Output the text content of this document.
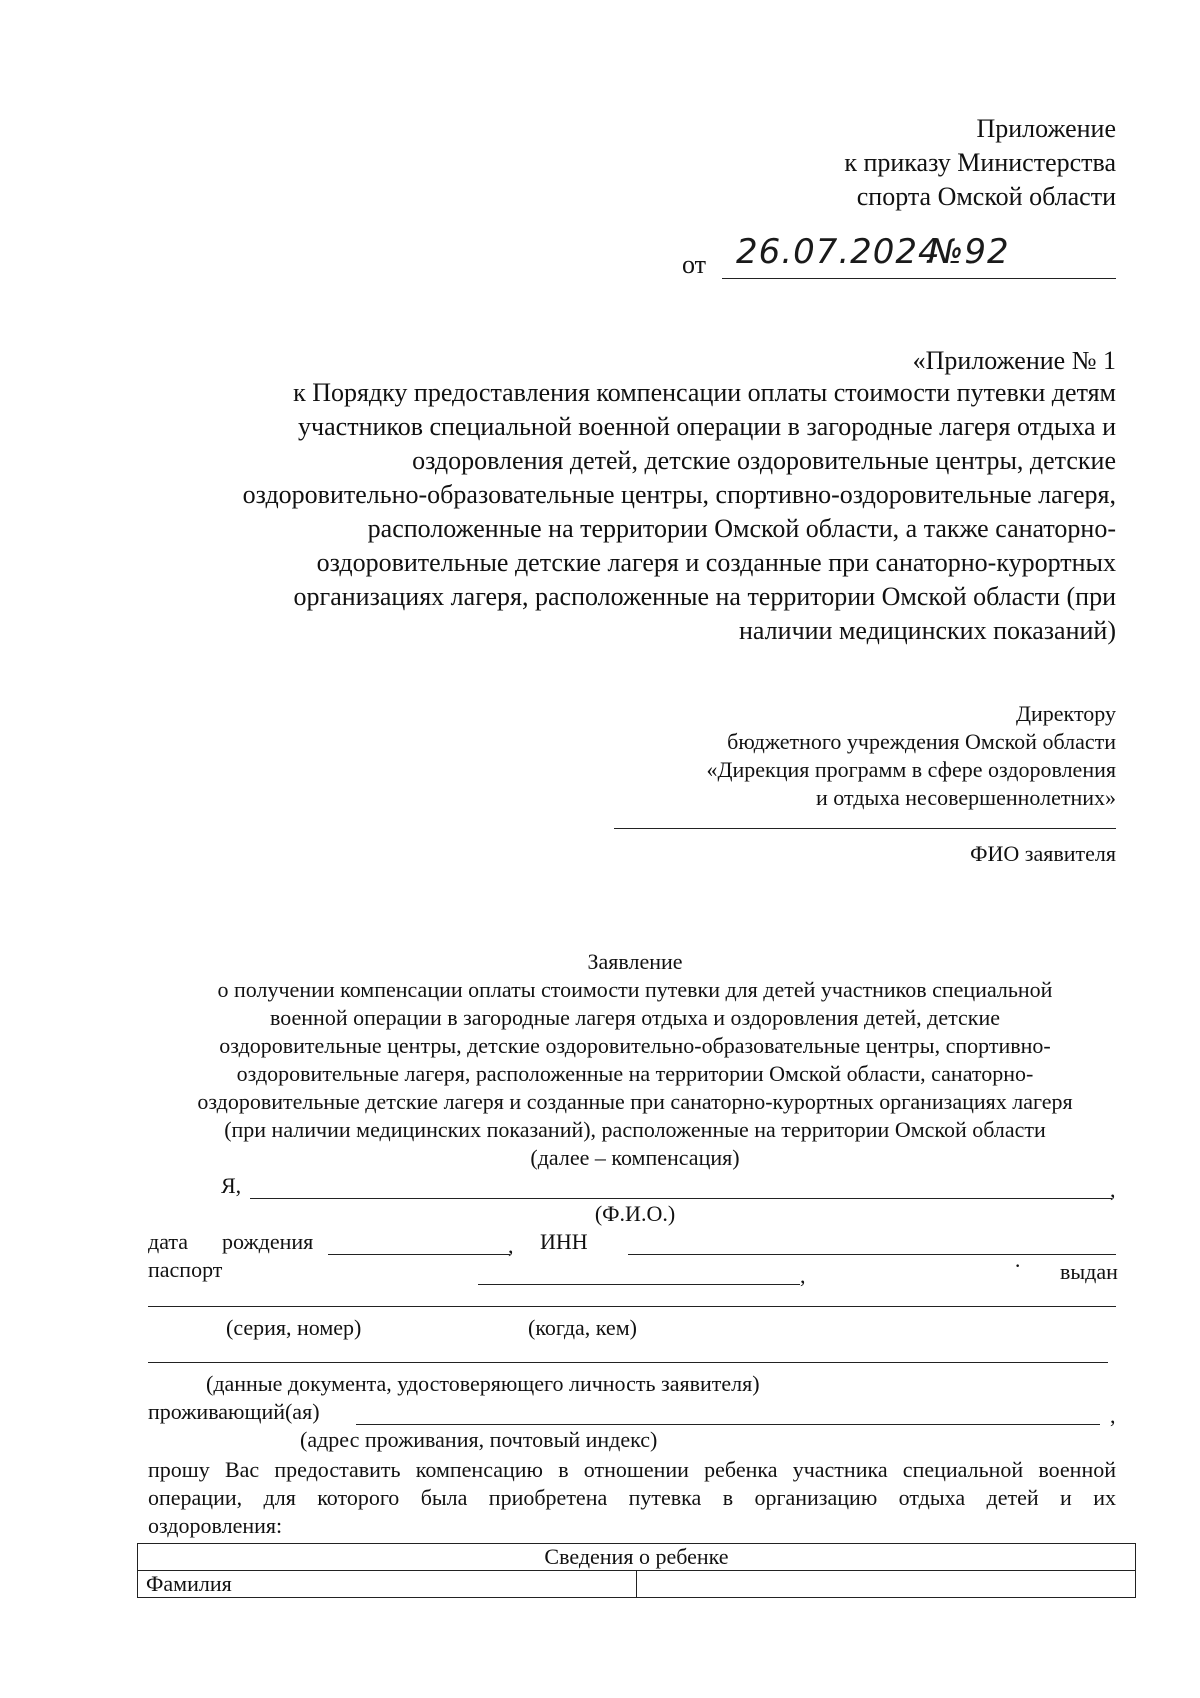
Приложение
к приказу Министерства
спорта Омской области
от 26.07.2024
№92
«Приложение № 1
к Порядку предоставления компенсации оплаты стоимости путевки детям
участников специальной военной операции в загородные лагеря отдыха и
оздоровления детей, детские оздоровительные центры, детские
оздоровительно-образовательные центры, спортивно-оздоровительные лагеря,
расположенные на территории Омской области, а также санаторно-
оздоровительные детские лагеря и созданные при санаторно-курортных
организациях лагеря, расположенные на территории Омской области (при
наличии медицинских показаний)
Директору
бюджетного учреждения Омской области
«Дирекция программ в сфере оздоровления
и отдыха несовершеннолетних»
ФИО заявителя
Заявление
о получении компенсации оплаты стоимости путевки для детей участников специальной
военной операции в загородные лагеря отдыха и оздоровления детей, детские
оздоровительные центры, детские оздоровительно-образовательные центры, спортивно-
оздоровительные лагеря, расположенные на территории Омской области, санаторно-
оздоровительные детские лагеря и созданные при санаторно-курортных организациях лагеря
(при наличии медицинских показаний), расположенные на территории Омской области
(далее – компенсация)
Я,	,
(Ф.И.О.)
дата рождения	, ИНН
паспорт	,	· выдан
(серия, номер)	(когда, кем)
(данные документа, удостоверяющего личность заявителя)
проживающий(ая)	,
(адрес проживания, почтовый индекс)
прошу Вас предоставить компенсацию в отношении ребенка участника специальной военной
операции, для которого была приобретена путевка в организацию отдыха детей и их
оздоровления:
Сведения о ребенке
Фамилия	
